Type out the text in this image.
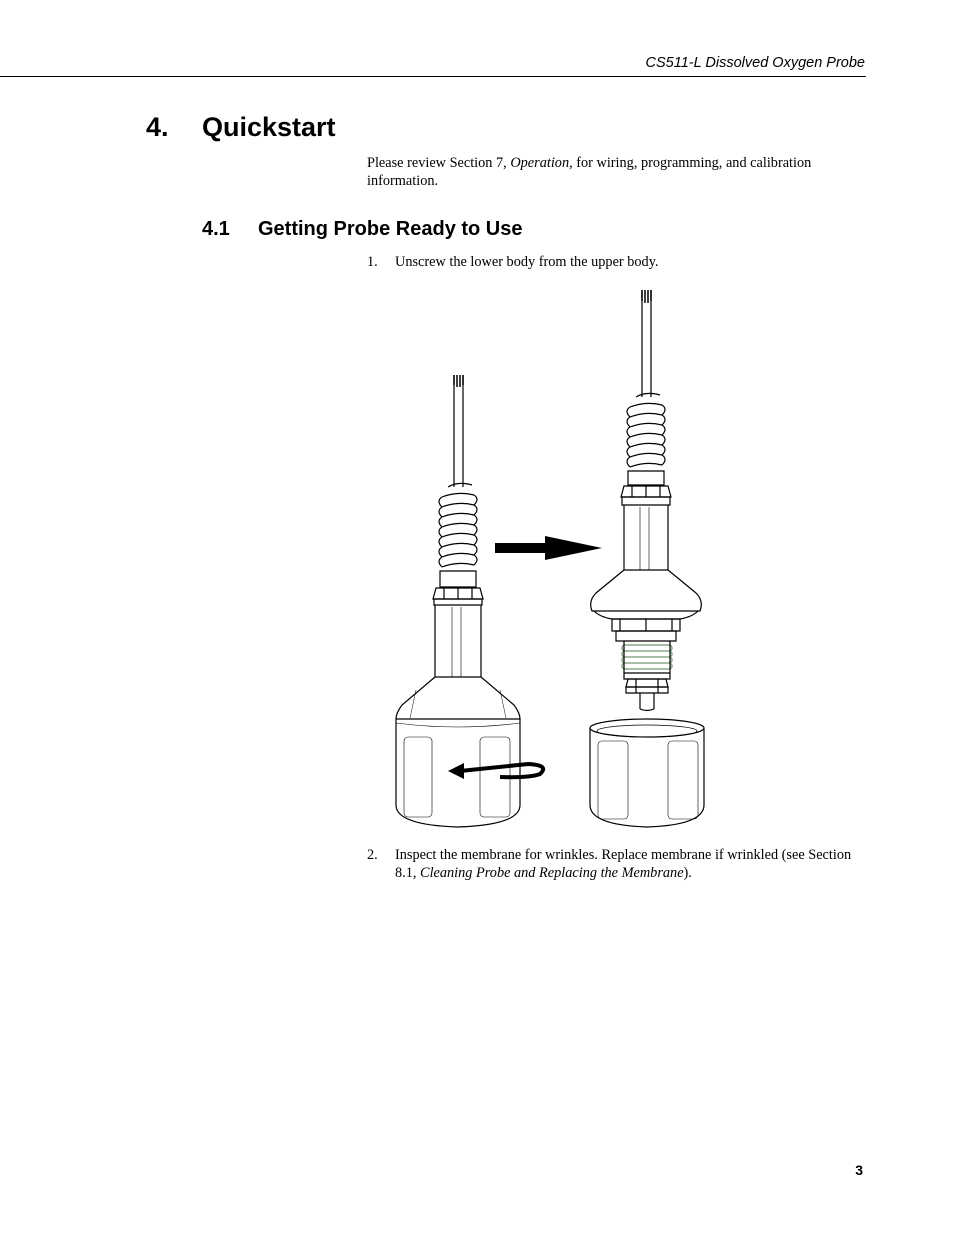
CS511-L Dissolved Oxygen Probe
4. Quickstart
Please review Section 7, Operation, for wiring, programming, and calibration information.
4.1 Getting Probe Ready to Use
1. Unscrew the lower body from the upper body.
2. Inspect the membrane for wrinkles. Replace membrane if wrinkled (see Section 8.1, Cleaning Probe and Replacing the Membrane).
3
